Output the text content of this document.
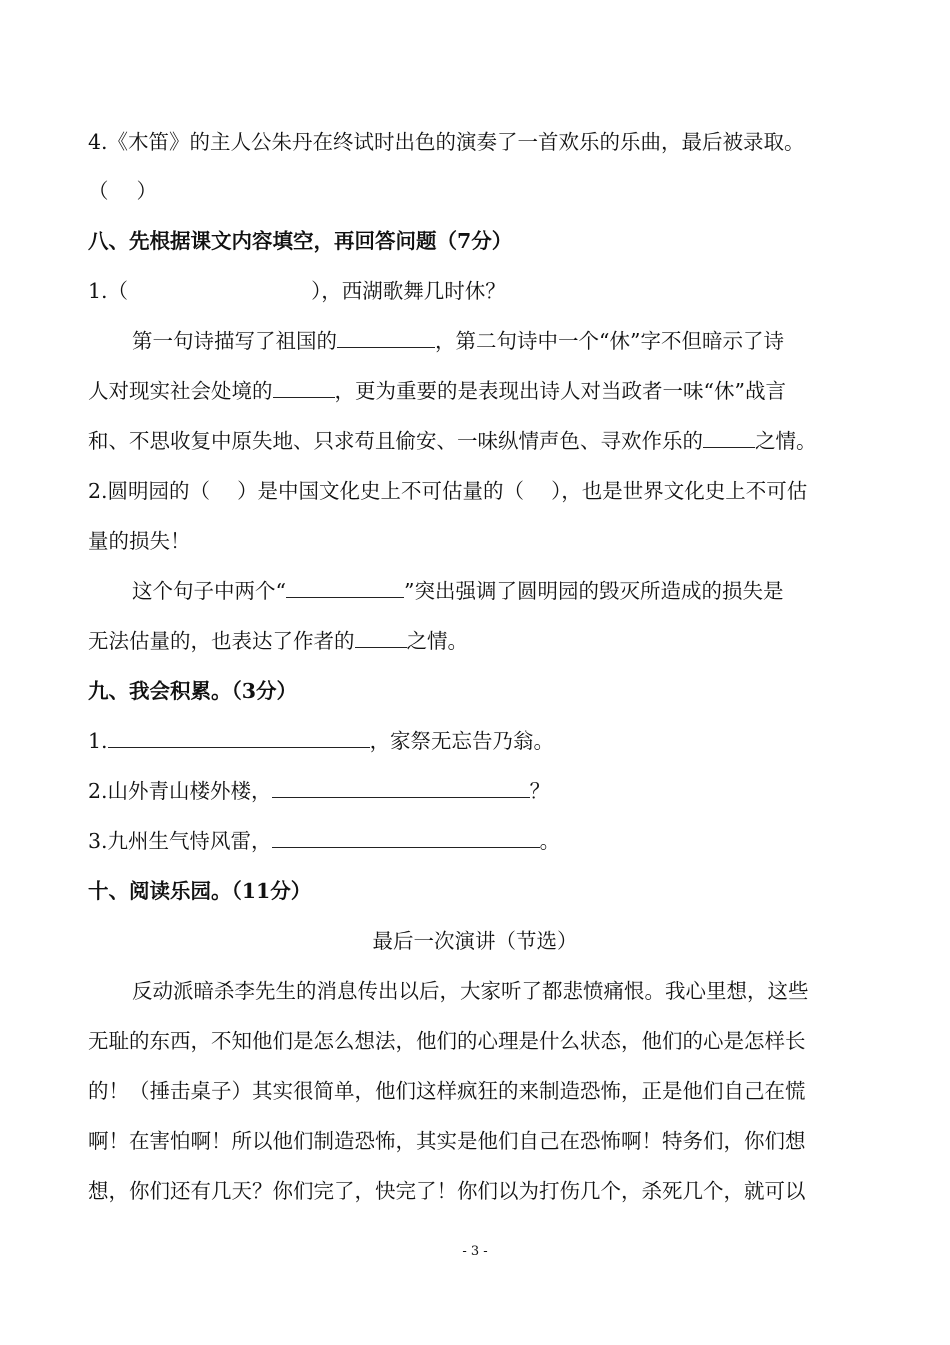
4.《木笛》的主人公朱丹在终试时出色的演奏了一首欢乐的乐曲，最后被录取。
（ ）
八、先根据课文内容填空，再回答问题（7分）
1.（	），西湖歌舞几时休？
第一句诗描写了祖国的	，第二句诗中一个“休”字不但暗示了诗
人对现实社会处境的	，更为重要的是表现出诗人对当政者一味“休”战言
和、不思收复中原失地、只求苟且偷安、一味纵情声色、寻欢作乐的	之情。
2.圆明园的（ ）是中国文化史上不可估量的（ ），也是世界文化史上不可估
量的损失！
这个句子中两个“	”突出强调了圆明园的毁灭所造成的损失是
无法估量的，也表达了作者的	之情。
九、我会积累。（3分）
1.	，家祭无忘告乃翁。
2.山外青山楼外楼，	？
3.九州生气恃风雷，	。
十、阅读乐园。（11分）
最后一次演讲（节选）
反动派暗杀李先生的消息传出以后，大家听了都悲愤痛恨。我心里想，这些
无耻的东西，不知他们是怎么想法，他们的心理是什么状态，他们的心是怎样长
的！（捶击桌子）其实很简单，他们这样疯狂的来制造恐怖，正是他们自己在慌
啊！在害怕啊！所以他们制造恐怖，其实是他们自己在恐怖啊！特务们，你们想
想，你们还有几天？你们完了，快完了！你们以为打伤几个，杀死几个，就可以
- 3 -
